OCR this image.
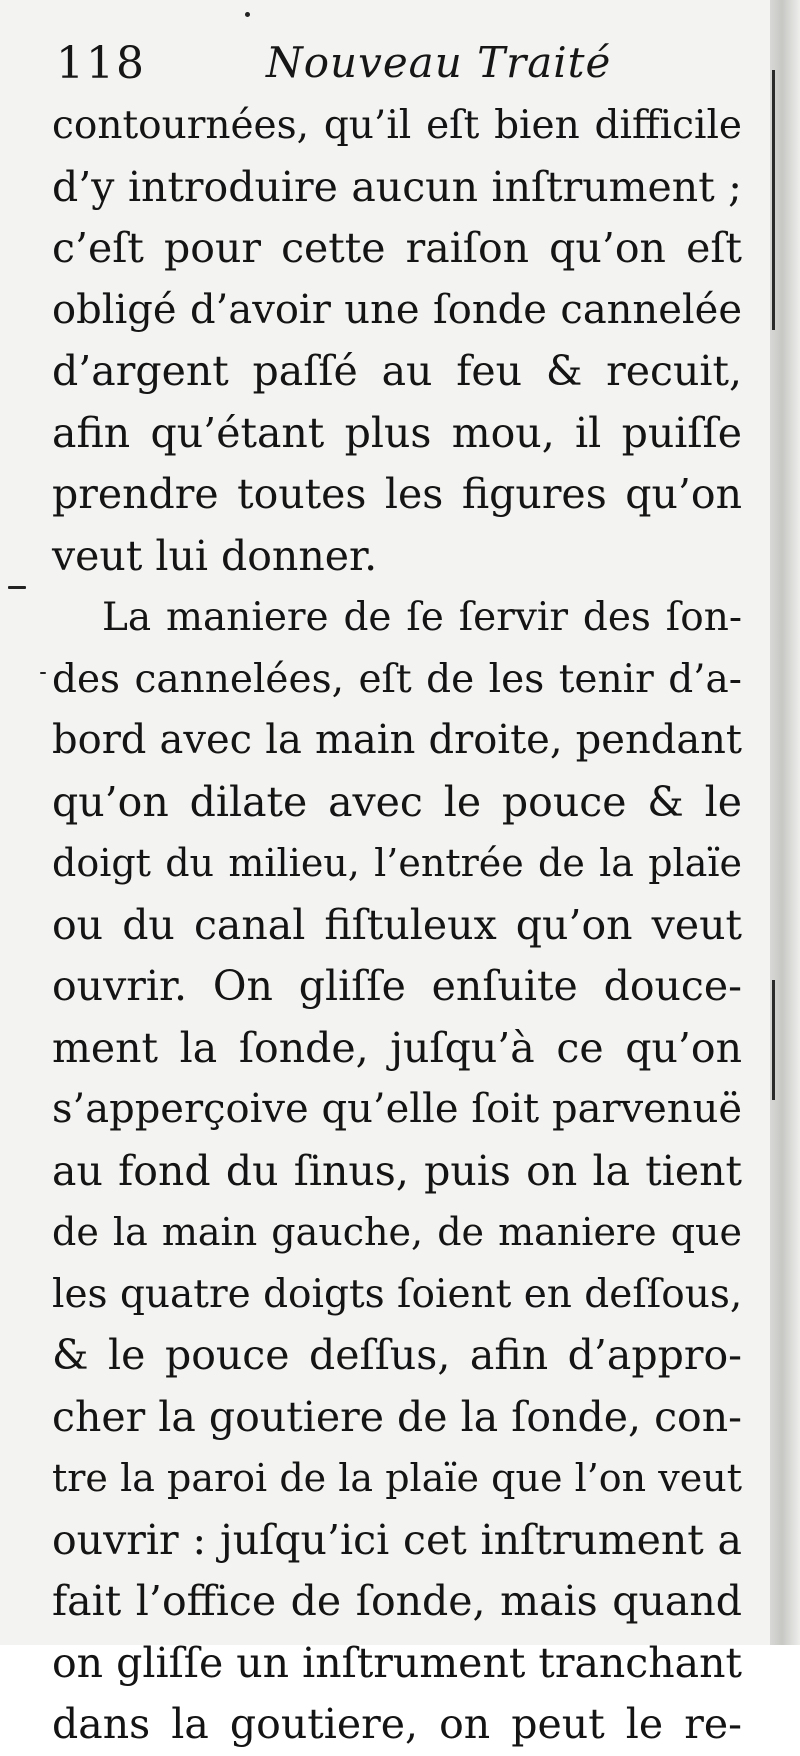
118	Nouveau Traité
contournées, qu’il eſt bien difficile
d’y introduire aucun inſtrument ;
c’eſt pour cette raiſon qu’on eſt
obligé d’avoir une ſonde cannelée
d’argent paſſé au feu & recuit,
afin qu’étant plus mou, il puiſſe
prendre toutes les figures qu’on
veut lui donner.
La maniere de ſe ſervir des ſon-
des cannelées, eſt de les tenir d’a-
bord avec la main droite, pendant
qu’on dilate avec le pouce & le
doigt du milieu, l’entrée de la plaïe
ou du canal fiſtuleux qu’on veut
ouvrir. On gliſſe enſuite douce-
ment la ſonde, juſqu’à ce qu’on
s’apperçoive qu’elle ſoit parvenuë
au fond du ſinus, puis on la tient
de la main gauche, de maniere que
les quatre doigts ſoient en deſſous,
& le pouce deſſus, afin d’appro-
cher la goutiere de la ſonde, con-
tre la paroi de la plaïe que l’on veut
ouvrir : juſqu’ici cet inſtrument a
fait l’office de ſonde, mais quand
on gliſſe un inſtrument tranchant
dans la goutiere, on peut le re-
